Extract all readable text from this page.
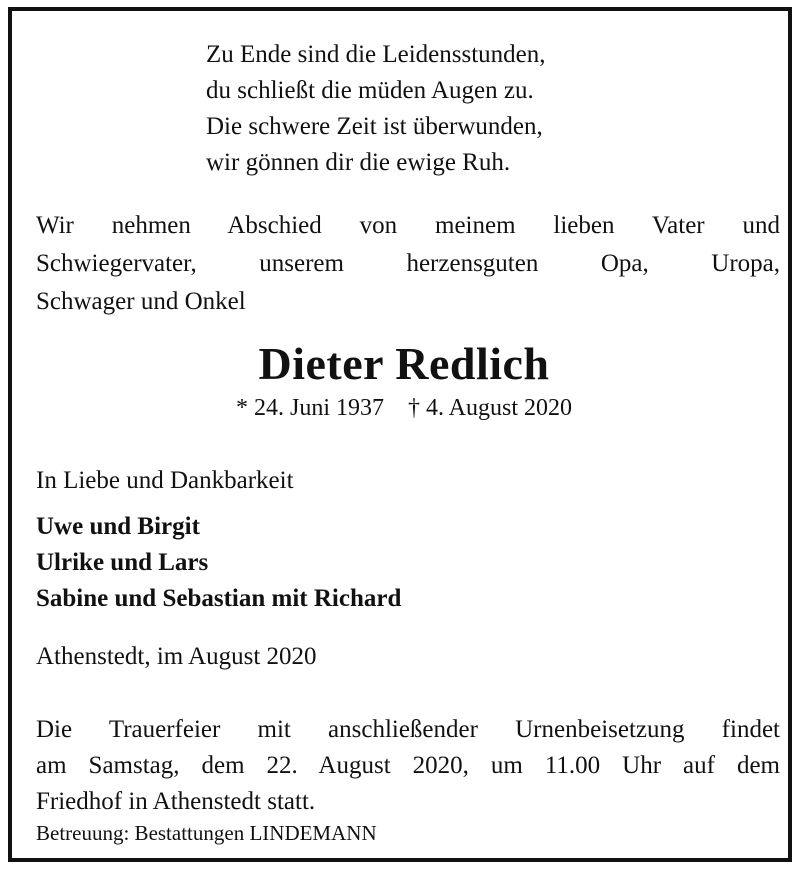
Zu Ende sind die Leidensstunden,
du schließt die müden Augen zu.
Die schwere Zeit ist überwunden,
wir gönnen dir die ewige Ruh.
Wir nehmen Abschied von meinem lieben Vater und
Schwiegervater, unserem herzensguten Opa, Uropa,
Schwager und Onkel
Dieter Redlich
* 24. Juni 1937 † 4. August 2020
In Liebe und Dankbarkeit
Uwe und Birgit
Ulrike und Lars
Sabine und Sebastian mit Richard
Athenstedt, im August 2020
Die Trauerfeier mit anschließender Urnenbeisetzung findet
am Samstag, dem 22. August 2020, um 11.00 Uhr auf dem
Friedhof in Athenstedt statt.
Betreuung: Bestattungen LINDEMANN
